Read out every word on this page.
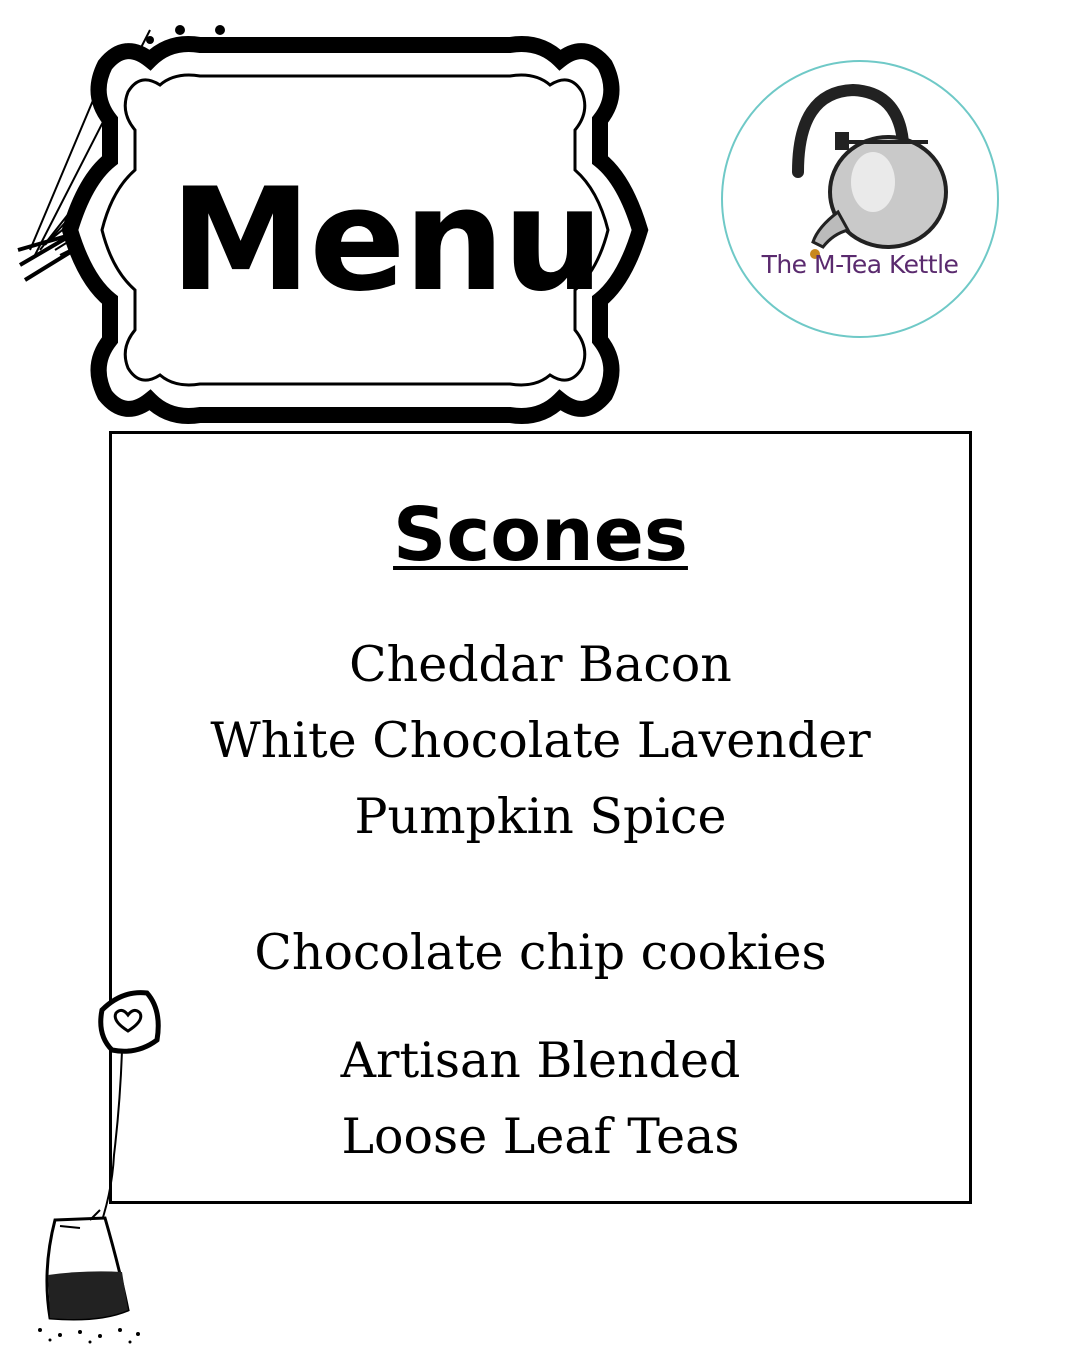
Menu	The M-Tea Kettle
Scones
Cheddar Bacon
White Chocolate Lavender
Pumpkin Spice
Chocolate chip cookies
Artisan Blended
Loose Leaf Teas
